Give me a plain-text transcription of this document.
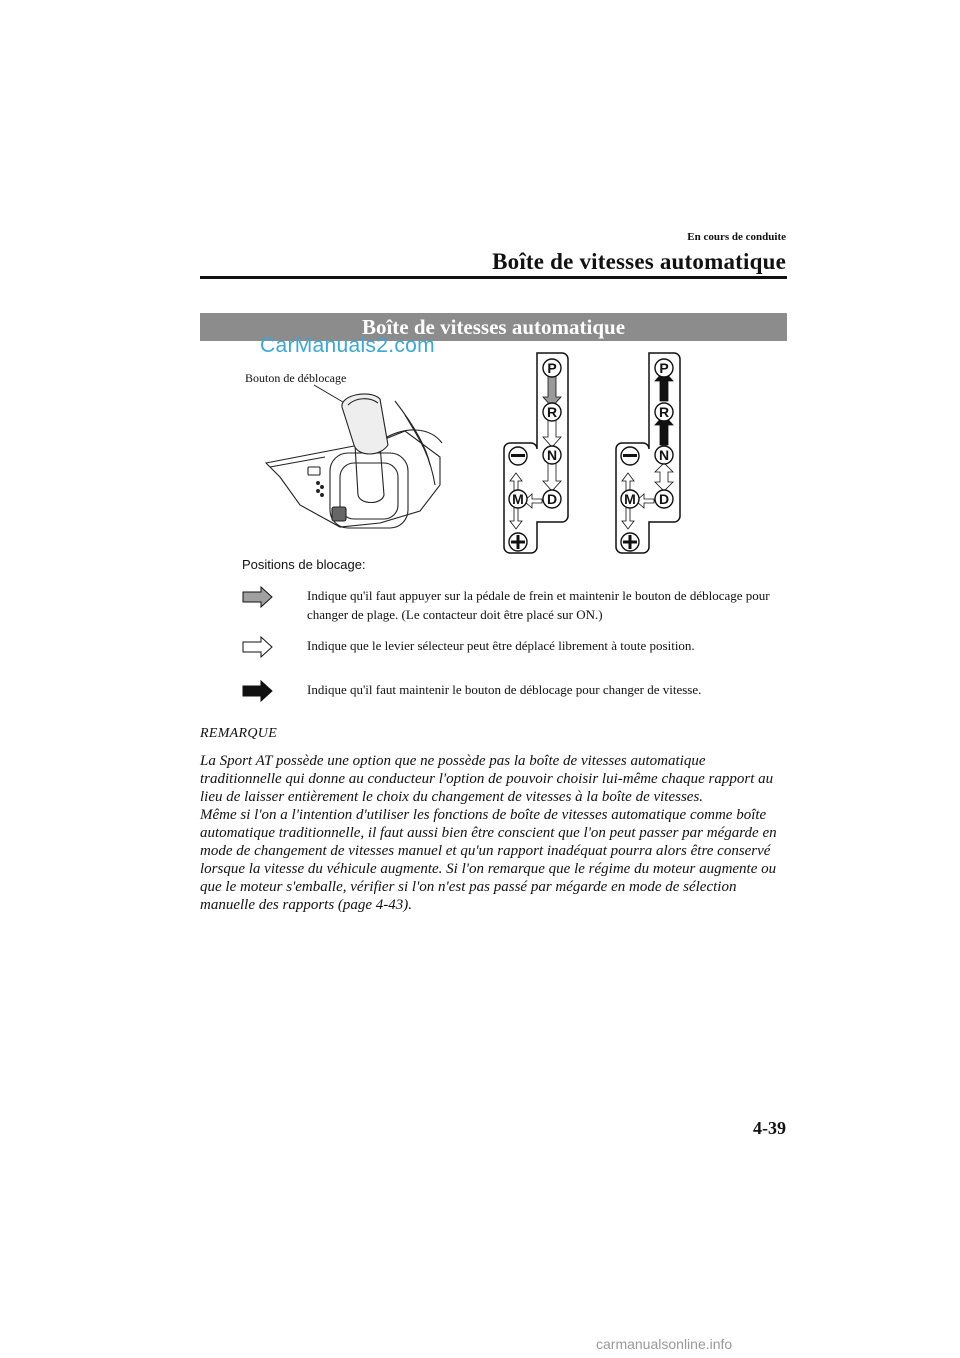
En cours de conduite
Boîte de vitesses automatique
Boîte de vitesses automatique
CarManuals2.com
Bouton de déblocage
P
R
N
D
M
P
R
N
D
M
Positions de blocage:
Indique qu'il faut appuyer sur la pédale de frein et maintenir le bouton de déblocage pour changer de plage. (Le contacteur doit être placé sur ON.)
Indique que le levier sélecteur peut être déplacé librement à toute position.
Indique qu'il faut maintenir le bouton de déblocage pour changer de vitesse.
REMARQUE

La Sport AT possède une option que ne possède pas la boîte de vitesses automatique traditionnelle qui donne au conducteur l'option de pouvoir choisir lui-même chaque rapport au lieu de laisser entièrement le choix du changement de vitesses à la boîte de vitesses.

Même si l'on a l'intention d'utiliser les fonctions de boîte de vitesses automatique comme boîte automatique traditionnelle, il faut aussi bien être conscient que l'on peut passer par mégarde en mode de changement de vitesses manuel et qu'un rapport inadéquat pourra alors être conservé lorsque la vitesse du véhicule augmente. Si l'on remarque que le régime du moteur augmente ou que le moteur s'emballe, vérifier si l'on n'est pas passé par mégarde en mode de sélection manuelle des rapports (page 4-43).

4-39
carmanualsonline.info
